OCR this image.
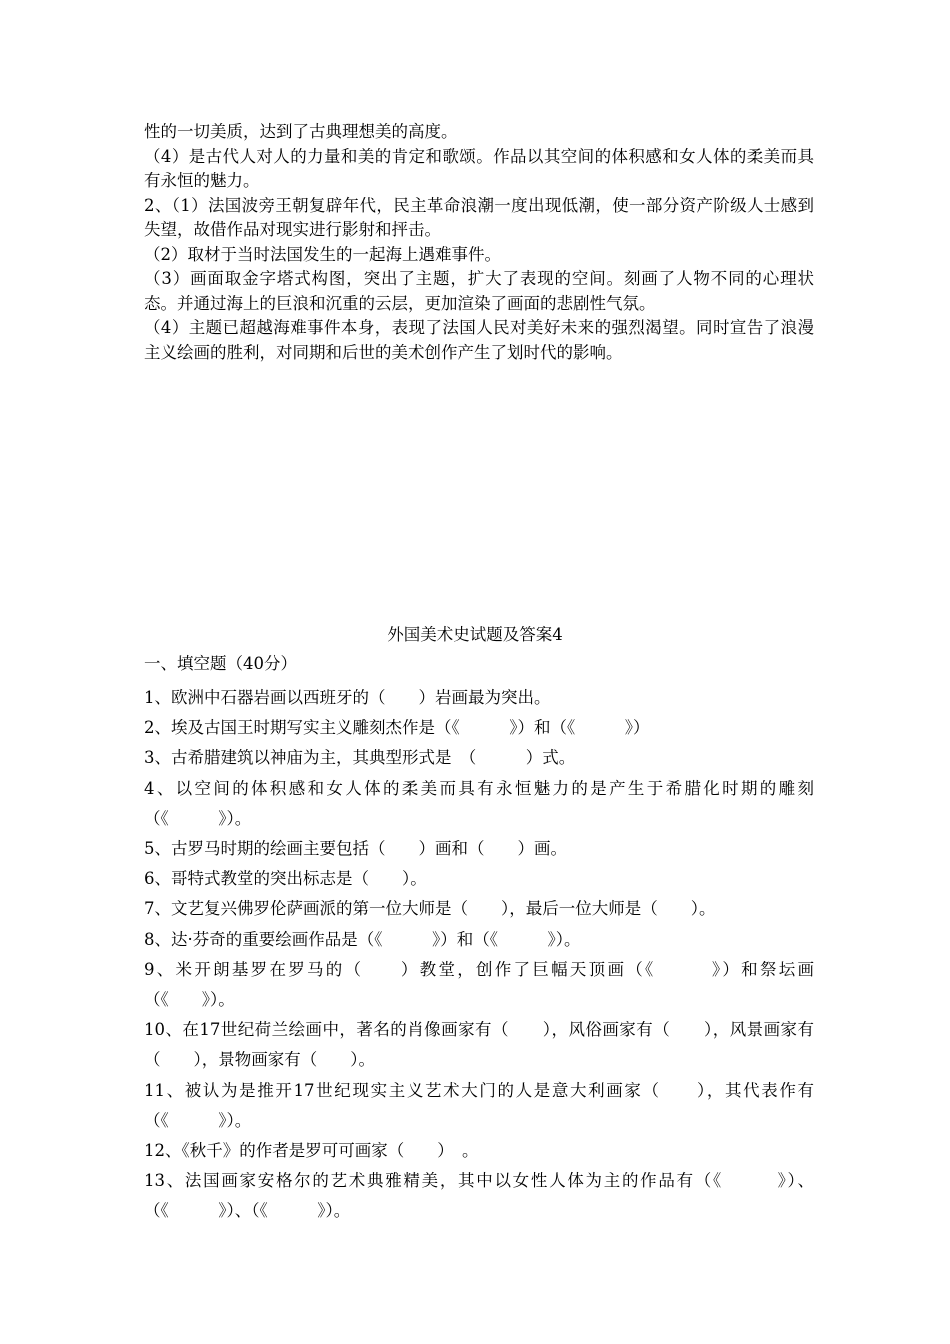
性的一切美质，达到了古典理想美的高度。

（4）是古代人对人的力量和美的肯定和歌颂。作品以其空间的体积感和女人体的柔美而具有永恒的魅力。

2、（1）法国波旁王朝复辟年代，民主革命浪潮一度出现低潮，使一部分资产阶级人士感到失望，故借作品对现实进行影射和抨击。

（2）取材于当时法国发生的一起海上遇难事件。

（3）画面取金字塔式构图，突出了主题，扩大了表现的空间。刻画了人物不同的心理状态。并通过海上的巨浪和沉重的云层，更加渲染了画面的悲剧性气氛。

（4）主题已超越海难事件本身，表现了法国人民对美好未来的强烈渴望。同时宣告了浪漫主义绘画的胜利，对同期和后世的美术创作产生了划时代的影响。

外国美术史试题及答案4

一、填空题（40分）

1、欧洲中石器岩画以西班牙的（　　）岩画最为突出。

2、埃及古国王时期写实主义雕刻杰作是（《　　　》）和（《　　　》）

3、古希腊建筑以神庙为主，其典型形式是　（　　　）式。

4、以空间的体积感和女人体的柔美而具有永恒魅力的是产生于希腊化时期的雕刻（《　　　》）。

5、古罗马时期的绘画主要包括（　　）画和（　　）画。

6、哥特式教堂的突出标志是（　　）。

7、文艺复兴佛罗伦萨画派的第一位大师是（　　），最后一位大师是（　　）。

8、达·芬奇的重要绘画作品是（《　　　》）和（《　　　》）。

9、米开朗基罗在罗马的（　　）教堂，创作了巨幅天顶画（《　　　》）和祭坛画（《　　》）。

10、在17世纪荷兰绘画中，著名的肖像画家有（　　），风俗画家有（　　），风景画家有（　　），景物画家有（　　）。

11、被认为是推开17世纪现实主义艺术大门的人是意大利画家（　　），其代表作有（《　　　》）。

12、《秋千》的作者是罗可可画家（　　）　。

13、法国画家安格尔的艺术典雅精美，其中以女性人体为主的作品有（《　　　》）、（《　　　》）、（《　　　》）。
